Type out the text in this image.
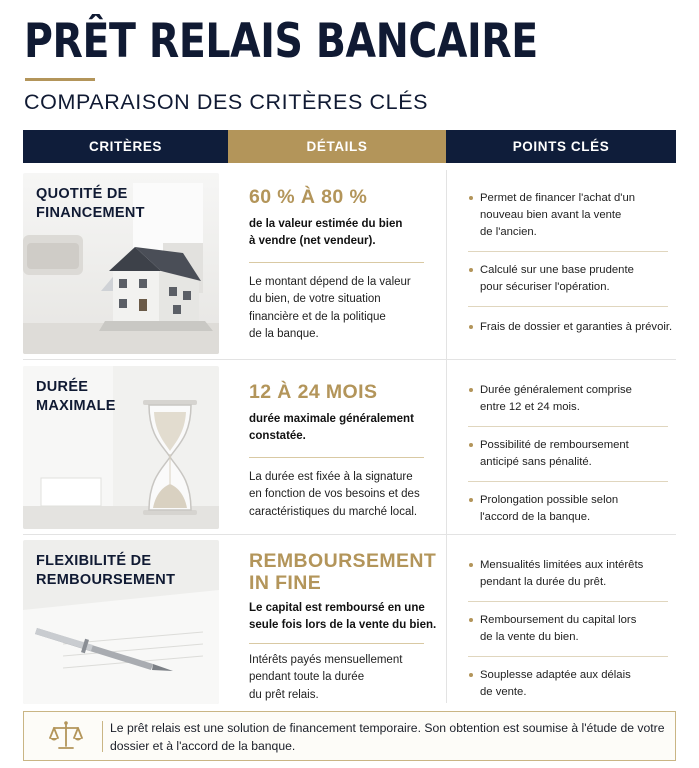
PRÊT RELAIS BANCAIRE
COMPARAISON DES CRITÈRES CLÉS
CRITÈRES	DÉTAILS	POINTS CLÉS
QUOTITÉ DE
FINANCEMENT
60 % À 80 %
de la valeur estimée du bien
à vendre (net vendeur).
Le montant dépend de la valeur
du bien, de votre situation
financière et de la politique
de la banque.
Permet de financer l'achat d'un
nouveau bien avant la vente
de l'ancien.
Calculé sur une base prudente
pour sécuriser l'opération.
Frais de dossier et garanties à prévoir.
DURÉE
MAXIMALE
12 À 24 MOIS
durée maximale généralement
constatée.
La durée est fixée à la signature
en fonction de vos besoins et des
caractéristiques du marché local.
Durée généralement comprise
entre 12 et 24 mois.
Possibilité de remboursement
anticipé sans pénalité.
Prolongation possible selon
l'accord de la banque.
FLEXIBILITÉ DE
REMBOURSEMENT
REMBOURSEMENT
IN FINE
Le capital est remboursé en une
seule fois lors de la vente du bien.
Intérêts payés mensuellement
pendant toute la durée
du prêt relais.
Mensualités limitées aux intérêts
pendant la durée du prêt.
Remboursement du capital lors
de la vente du bien.
Souplesse adaptée aux délais
de vente.
Le prêt relais est une solution de financement temporaire. Son obtention est soumise à l'étude de votre dossier et à l'accord de la banque.
